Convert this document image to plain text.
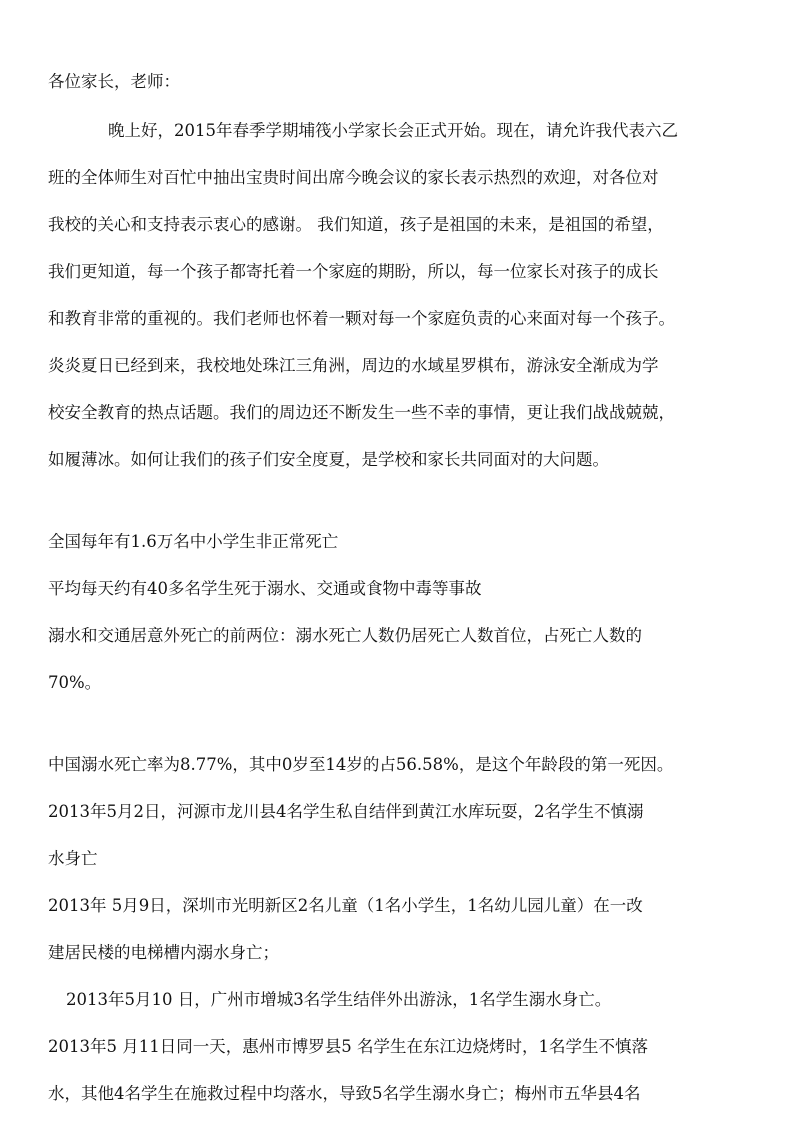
各位家长，老师：
晚上好，2015年春季学期埔筏小学家长会正式开始。现在，请允许我代表六乙
班的全体师生对百忙中抽出宝贵时间出席今晚会议的家长表示热烈的欢迎，对各位对
我校的关心和支持表示衷心的感谢。 我们知道，孩子是祖国的未来，是祖国的希望，
我们更知道，每一个孩子都寄托着一个家庭的期盼，所以，每一位家长对孩子的成长
和教育非常的重视的。我们老师也怀着一颗对每一个家庭负责的心来面对每一个孩子。
炎炎夏日已经到来，我校地处珠江三角洲，周边的水域星罗棋布，游泳安全渐成为学
校安全教育的热点话题。我们的周边还不断发生一些不幸的事情，更让我们战战兢兢，
如履薄冰。如何让我们的孩子们安全度夏，是学校和家长共同面对的大问题。
全国每年有1.6万名中小学生非正常死亡
平均每天约有40多名学生死于溺水、交通或食物中毒等事故
溺水和交通居意外死亡的前两位：溺水死亡人数仍居死亡人数首位，占死亡人数的
70%。
中国溺水死亡率为8.77%，其中0岁至14岁的占56.58%，是这个年龄段的第一死因。
2013年5月2日，河源市龙川县4名学生私自结伴到黄江水库玩耍，2名学生不慎溺
水身亡
2013年 5月9日，深圳市光明新区2名儿童（1名小学生，1名幼儿园儿童）在一改
建居民楼的电梯槽内溺水身亡；
2013年5月10 日，广州市增城3名学生结伴外出游泳，1名学生溺水身亡。
2013年5 月11日同一天，惠州市博罗县5 名学生在东江边烧烤时，1名学生不慎落
水，其他4名学生在施救过程中均落水，导致5名学生溺水身亡；梅州市五华县4名
